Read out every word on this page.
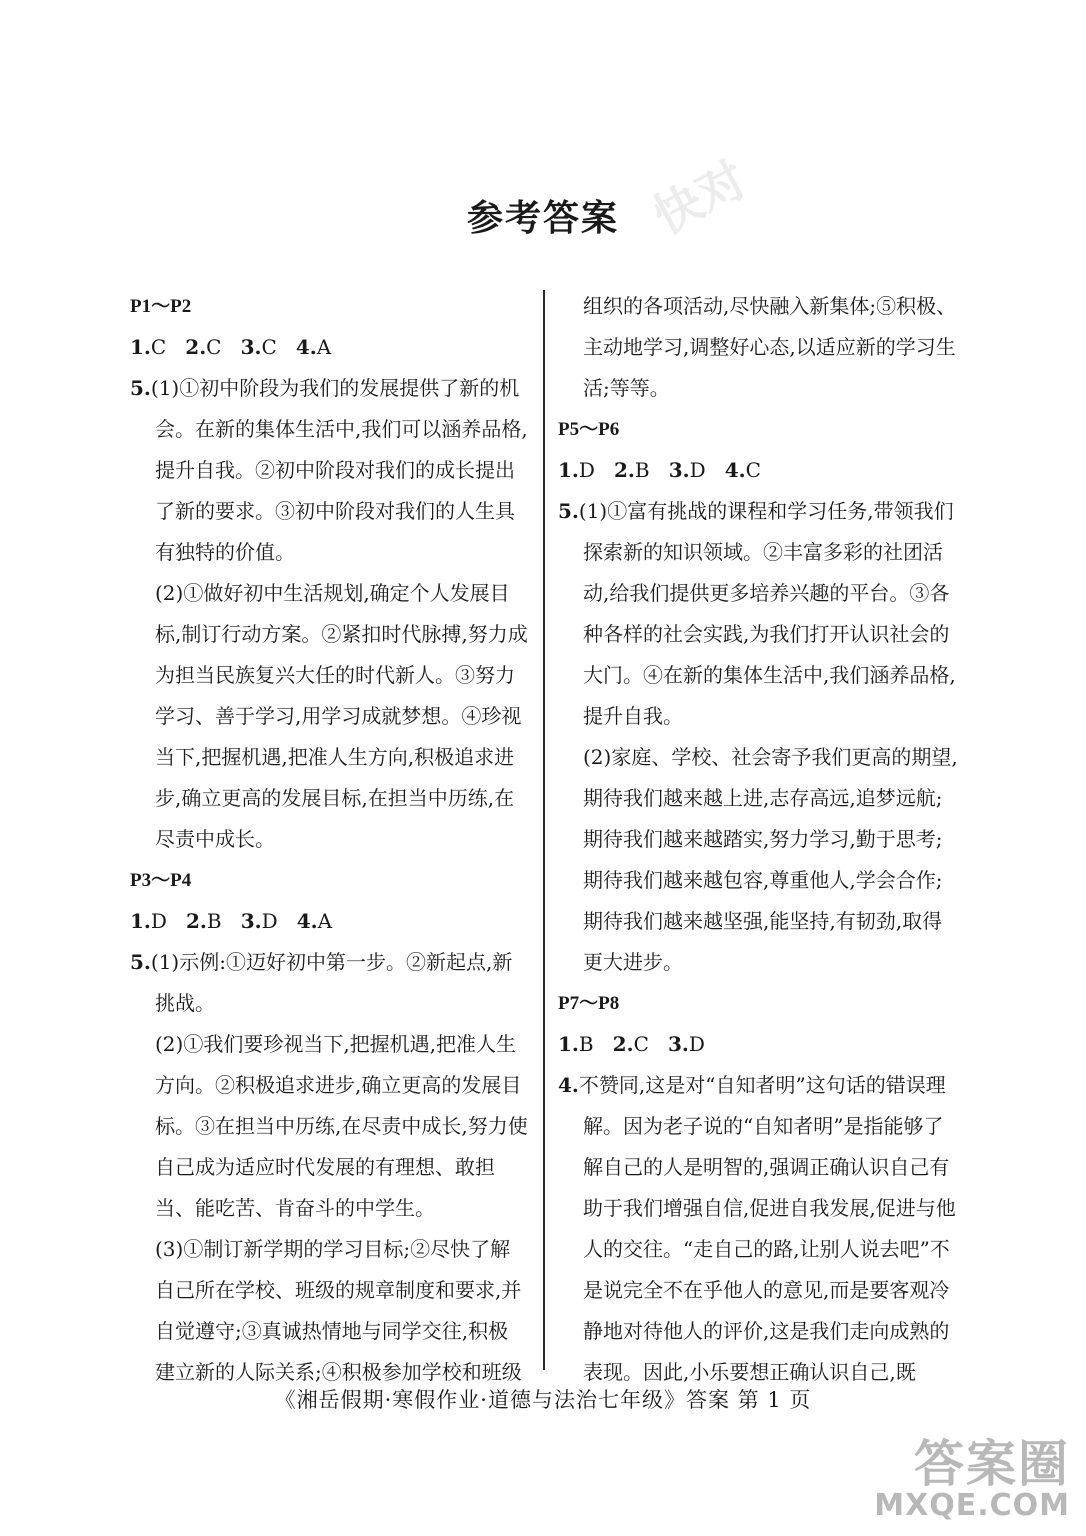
快对
参考答案
P1～P2
1.C 2.C 3.C 4.A
5.(1)①初中阶段为我们的发展提供了新的机会。在新的集体生活中,我们可以涵养品格,提升自我。②初中阶段对我们的成长提出了新的要求。③初中阶段对我们的人生具有独特的价值。
(2)①做好初中生活规划,确定个人发展目标,制订行动方案。②紧扣时代脉搏,努力成为担当民族复兴大任的时代新人。③努力学习、善于学习,用学习成就梦想。④珍视当下,把握机遇,把准人生方向,积极追求进步,确立更高的发展目标,在担当中历练,在尽责中成长。
P3～P4
1.D 2.B 3.D 4.A
5.(1)示例:①迈好初中第一步。②新起点,新挑战。
(2)①我们要珍视当下,把握机遇,把准人生方向。②积极追求进步,确立更高的发展目标。③在担当中历练,在尽责中成长,努力使自己成为适应时代发展的有理想、敢担当、能吃苦、肯奋斗的中学生。
(3)①制订新学期的学习目标;②尽快了解自己所在学校、班级的规章制度和要求,并自觉遵守;③真诚热情地与同学交往,积极建立新的人际关系;④积极参加学校和班级
组织的各项活动,尽快融入新集体;⑤积极、主动地学习,调整好心态,以适应新的学习生活;等等。
P5～P6
1.D 2.B 3.D 4.C
5.(1)①富有挑战的课程和学习任务,带领我们探索新的知识领域。②丰富多彩的社团活动,给我们提供更多培养兴趣的平台。③各种各样的社会实践,为我们打开认识社会的大门。④在新的集体生活中,我们涵养品格,提升自我。
(2)家庭、学校、社会寄予我们更高的期望,期待我们越来越上进,志存高远,追梦远航;期待我们越来越踏实,努力学习,勤于思考;期待我们越来越包容,尊重他人,学会合作;期待我们越来越坚强,能坚持,有韧劲,取得更大进步。
P7～P8
1.B 2.C 3.D
4.不赞同,这是对“自知者明”这句话的错误理解。因为老子说的“自知者明”是指能够了解自己的人是明智的,强调正确认识自己有助于我们增强自信,促进自我发展,促进与他人的交往。“走自己的路,让别人说去吧”不是说完全不在乎他人的意见,而是要客观冷静地对待他人的评价,这是我们走向成熟的表现。因此,小乐要想正确认识自己,既
《湘岳假期·寒假作业·道德与法治七年级》答案 第 1 页
答案圈
MXQE.COM
